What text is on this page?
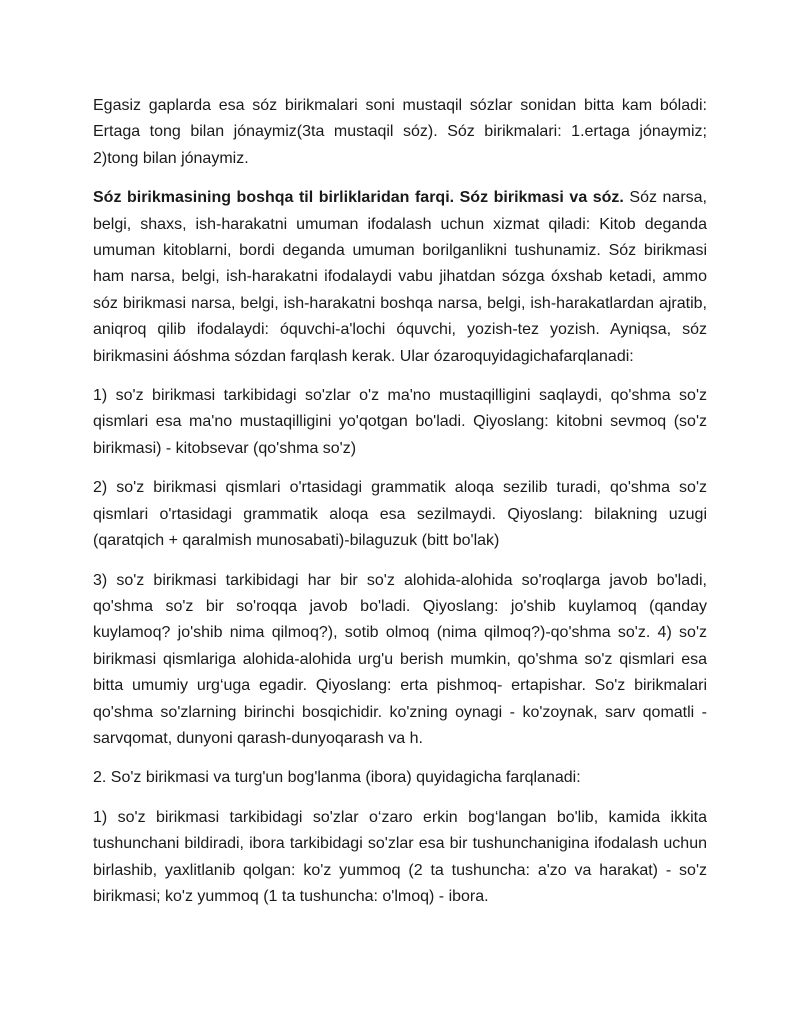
Egasiz gaplarda esa sóz birikmalari soni mustaqil sózlar sonidan bitta kam bóladi: Ertaga tong bilan jónaymiz(3ta mustaqil sóz). Sóz birikmalari: 1.ertaga jónaymiz; 2)tong bilan jónaymiz.

Sóz birikmasining boshqa til birliklaridan farqi. Sóz birikmasi va sóz. Sóz narsa, belgi, shaxs, ish-harakatni umuman ifodalash uchun xizmat qiladi: Kitob deganda umuman kitoblarni, bordi deganda umuman borilganlikni tushunamiz. Sóz birikmasi ham narsa, belgi, ish-harakatni ifodalaydi vabu jihatdan sózga óxshab ketadi, ammo sóz birikmasi narsa, belgi, ish-harakatni boshqa narsa, belgi, ish-harakatlardan ajratib, aniqroq qilib ifodalaydi: óquvchi-a'lochi óquvchi, yozish-tez yozish. Ayniqsa, sóz birikmasini áóshma sózdan farqlash kerak. Ular ózaroquyidagichafarqlanadi:

1) so'z birikmasi tarkibidagi so'zlar o'z ma'no mustaqilligini saqlaydi, qo'shma so'z qismlari esa ma'no mustaqilligini yo'qotgan bo'ladi. Qiyoslang: kitobni sevmoq (so'z birikmasi) - kitobsevar (qo'shma so'z)

2) so'z birikmasi qismlari o'rtasidagi grammatik aloqa sezilib turadi, qo'shma so'z qismlari o'rtasidagi grammatik aloqa esa sezilmaydi. Qiyoslang: bilakning uzugi (qaratqich + qaralmish munosabati)-bilaguzuk (bitt bo'lak)

3) so'z birikmasi tarkibidagi har bir so'z alohida-alohida so'roqlarga javob bo'ladi, qo'shma so'z bir so'roqqa javob bo'ladi. Qiyoslang: jo'shib kuylamoq (qanday kuylamoq? jo'shib nima qilmoq?), sotib olmoq (nima qilmoq?)-qo'shma so'z. 4) so'z birikmasi qismlariga alohida-alohida urg'u berish mumkin, qo'shma so'z qismlari esa bitta umumiy urg‘uga egadir. Qiyoslang: erta pishmoq- ertapishar. So'z birikmalari qo'shma so'zlarning birinchi bosqichidir. ko'zning oynagi - ko'zoynak, sarv qomatli - sarvqomat, dunyoni qarash-dunyoqarash va h.

2. So'z birikmasi va turg'un bog'lanma (ibora) quyidagicha farqlanadi:

1) so'z birikmasi tarkibidagi so'zlar o‘zaro erkin bog‘langan bo'lib, kamida ikkita tushunchani bildiradi, ibora tarkibidagi so'zlar esa bir tushunchanigina ifodalash uchun birlashib, yaxlitlanib qolgan: ko'z yummoq (2 ta tushuncha: a'zo va harakat) - so'z birikmasi; ko'z yummoq (1 ta tushuncha: o'lmoq) - ibora.
